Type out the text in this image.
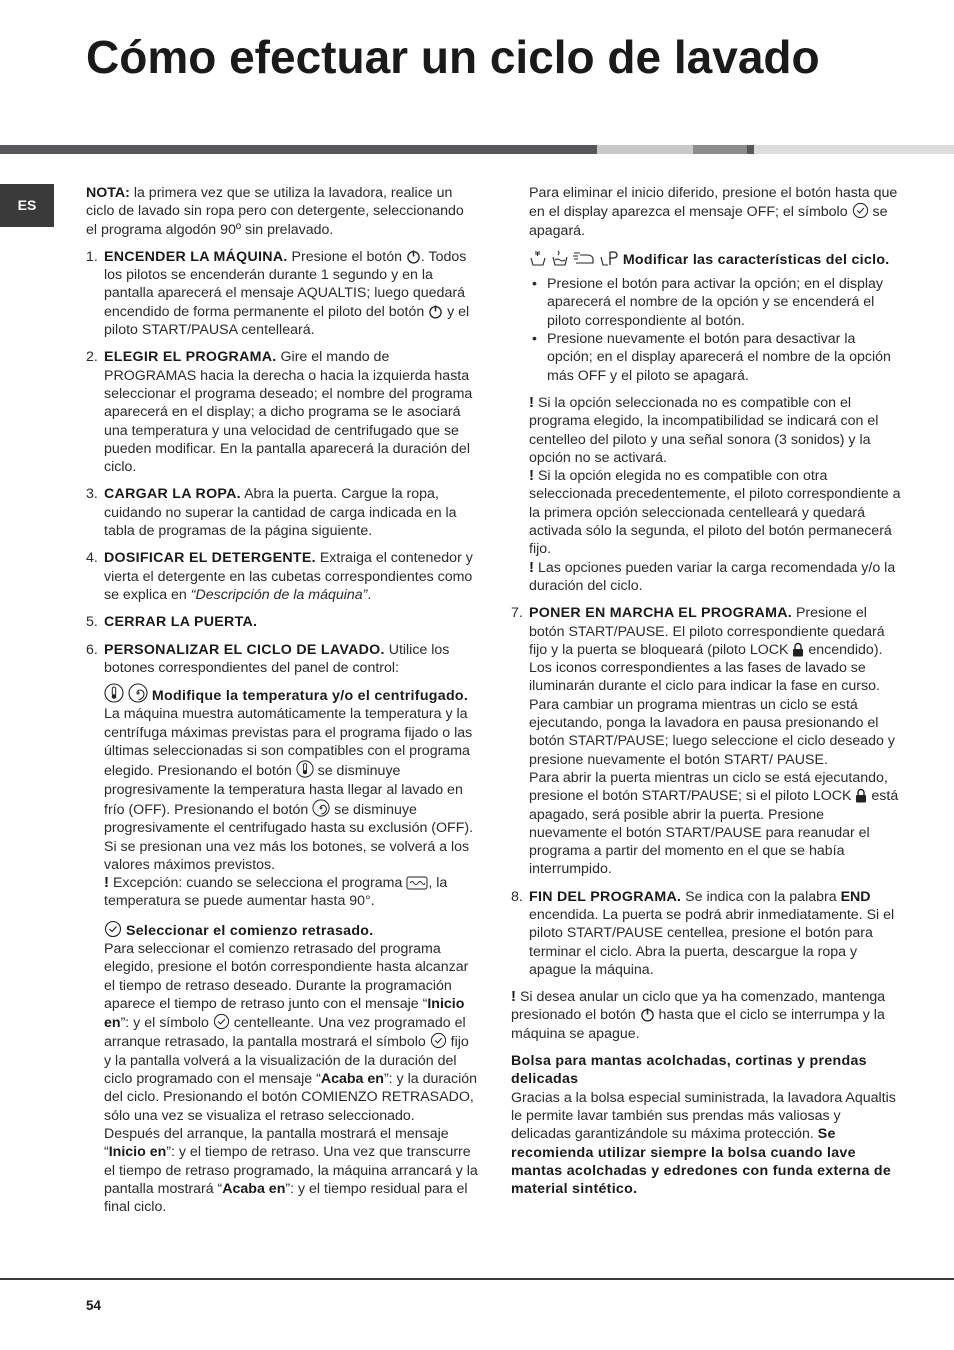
Cómo efectuar un ciclo de lavado
ES

NOTA: la primera vez que se utiliza la lavadora, realice un ciclo de lavado sin ropa pero con detergente, seleccionando el programa algodón 90º sin prelavado.

1. ENCENDER LA MÁQUINA. Presione el botón . Todos los pilotos se encenderán durante 1 segundo y en la pantalla aparecerá el mensaje AQUALTIS; luego quedará encendido de forma permanente el piloto del botón  y el piloto START/PAUSA centelleará.
2. ELEGIR EL PROGRAMA. Gire el mando de PROGRAMAS hacia la derecha o hacia la izquierda hasta seleccionar el programa deseado; el nombre del programa aparecerá en el display; a dicho programa se le asociará una temperatura y una velocidad de centrifugado que se pueden modificar. En la pantalla aparecerá la duración del ciclo.
3. CARGAR LA ROPA. Abra la puerta. Cargue la ropa, cuidando no superar la cantidad de carga indicada en la tabla de programas de la página siguiente.
4. DOSIFICAR EL DETERGENTE. Extraiga el contenedor y vierta el detergente en las cubetas correspondientes como se explica en “Descripción de la máquina”.
5. CERRAR LA PUERTA.
6. PERSONALIZAR EL CICLO DE LAVADO. Utilice los botones correspondientes del panel de control:

Modifique la temperatura y/o el centrifugado.

La máquina muestra automáticamente la temperatura y la centrífuga máximas previstas para el programa fijado o las últimas seleccionadas si son compatibles con el programa elegido. Presionando el botón  se disminuye progresivamente la temperatura hasta llegar al lavado en frío (OFF). Presionando el botón  se disminuye progresivamente el centrifugado hasta su exclusión (OFF). Si se presionan una vez más los botones, se volverá a los valores máximos previstos.

! Excepción: cuando se selecciona el programa , la temperatura se puede aumentar hasta 90°.

Seleccionar el comienzo retrasado.

Para seleccionar el comienzo retrasado del programa elegido, presione el botón correspondiente hasta alcanzar el tiempo de retraso deseado. Durante la programación aparece el tiempo de retraso junto con el mensaje “Inicio en”: y el símbolo  centelleante. Una vez programado el arranque retrasado, la pantalla mostrará el símbolo  fijo y la pantalla volverá a la visualización de la duración del ciclo programado con el mensaje “Acaba en”: y la duración del ciclo. Presionando el botón COMIENZO RETRASADO, sólo una vez se visualiza el retraso seleccionado.

Después del arranque, la pantalla mostrará el mensaje “Inicio en”: y el tiempo de retraso. Una vez que transcurre el tiempo de retraso programado, la máquina arrancará y la pantalla mostrará “Acaba en”: y el tiempo residual para el final ciclo.

Para eliminar el inicio diferido, presione el botón hasta que en el display aparezca el mensaje OFF; el símbolo  se apagará.

Modificar las características del ciclo.

• Presione el botón para activar la opción; en el display aparecerá el nombre de la opción y se encenderá el piloto correspondiente al botón.
• Presione nuevamente el botón para desactivar la opción; en el display aparecerá el nombre de la opción más OFF y el piloto se apagará.

! Si la opción seleccionada no es compatible con el programa elegido, la incompatibilidad se indicará con el centelleo del piloto y una señal sonora (3 sonidos) y la opción no se activará.

! Si la opción elegida no es compatible con otra seleccionada precedentemente, el piloto correspondiente a la primera opción seleccionada centelleará y quedará activada sólo la segunda, el piloto del botón permanecerá fijo.

! Las opciones pueden variar la carga recomendada y/o la duración del ciclo.

7. PONER EN MARCHA EL PROGRAMA. Presione el botón START/PAUSE. El piloto correspondiente quedará fijo y la puerta se bloqueará (piloto LOCK  encendido). Los iconos correspondientes a las fases de lavado se iluminarán durante el ciclo para indicar la fase en curso. Para cambiar un programa mientras un ciclo se está ejecutando, ponga la lavadora en pausa presionando el botón START/PAUSE; luego seleccione el ciclo deseado y presione nuevamente el botón START/ PAUSE.

Para abrir la puerta mientras un ciclo se está ejecutando, presione el botón START/PAUSE; si el piloto LOCK  está apagado, será posible abrir la puerta. Presione nuevamente el botón START/PAUSE para reanudar el programa a partir del momento en el que se había interrumpido.

8. FIN DEL PROGRAMA. Se indica con la palabra END encendida. La puerta se podrá abrir inmediatamente. Si el piloto START/PAUSE centellea, presione el botón para terminar el ciclo. Abra la puerta, descargue la ropa y apague la máquina.

! Si desea anular un ciclo que ya ha comenzado, mantenga presionado el botón  hasta que el ciclo se interrumpa y la máquina se apague.

Bolsa para mantas acolchadas, cortinas y prendas delicadas

Gracias a la bolsa especial suministrada, la lavadora Aqualtis le permite lavar también sus prendas más valiosas y delicadas garantizándole su máxima protección. Se recomienda utilizar siempre la bolsa cuando lave mantas acolchadas y edredones con funda externa de material sintético.

54
